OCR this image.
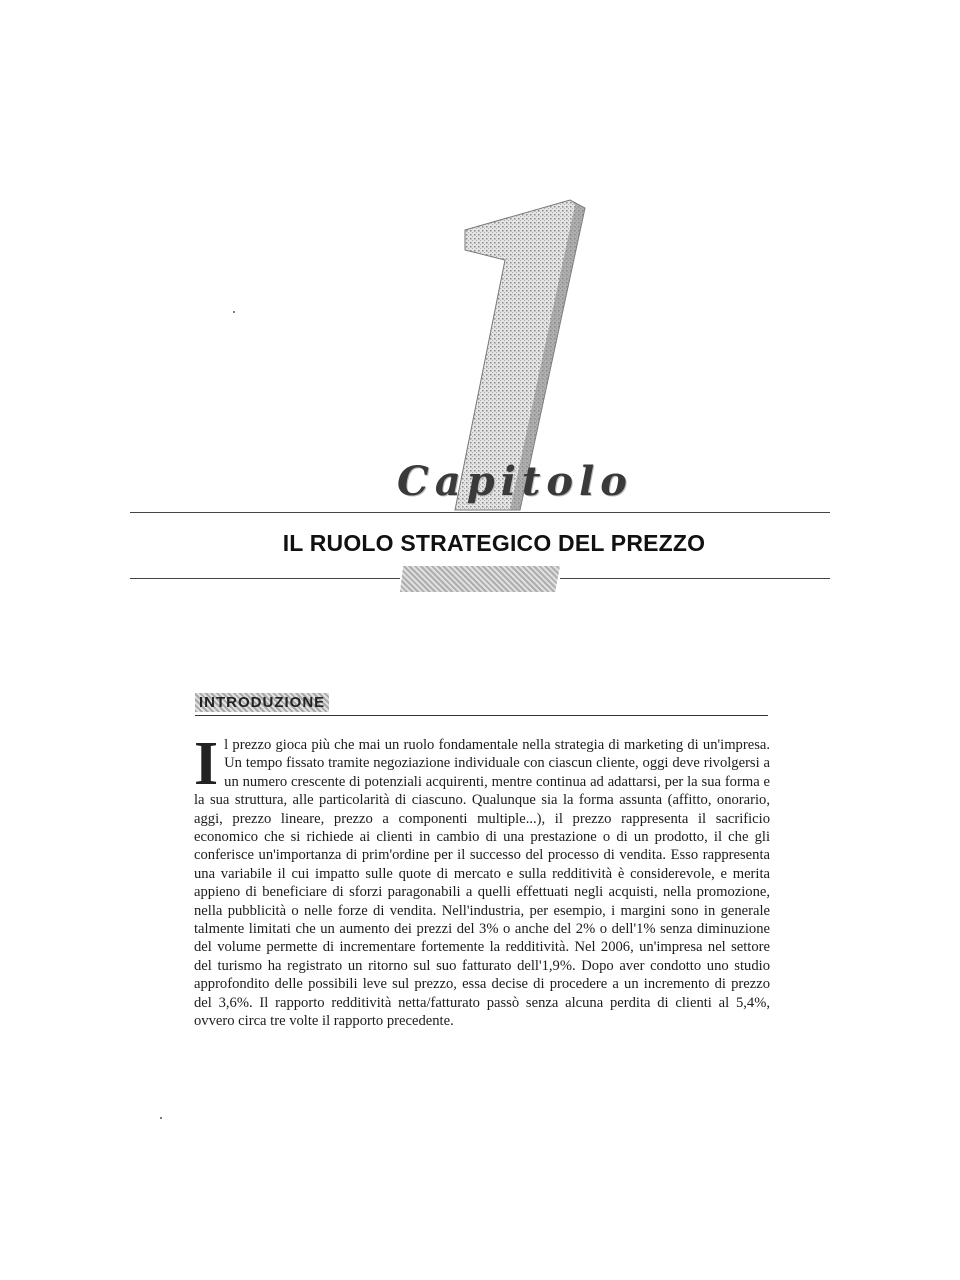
Capitolo
IL RUOLO STRATEGICO DEL PREZZO
INTRODUZIONE
Il prezzo gioca più che mai un ruolo fondamentale nella strategia di marketing di un'impresa. Un tempo fissato tramite negoziazione individuale con ciascun cliente, oggi deve rivolgersi a un numero crescente di potenziali acquirenti, mentre continua ad adattarsi, per la sua forma e la sua struttura, alle particolarità di ciascuno. Qualunque sia la forma assunta (affitto, onorario, aggi, prezzo lineare, prezzo a componenti multiple...), il prezzo rappresenta il sacrificio economico che si richiede ai clienti in cambio di una prestazione o di un prodotto, il che gli conferisce un'importanza di prim'ordine per il successo del processo di vendita. Esso rappresenta una variabile il cui impatto sulle quote di mercato e sulla redditività è considerevole, e merita appieno di beneficiare di sforzi paragonabili a quelli effettuati negli acquisti, nella promozione, nella pubblicità o nelle forze di vendita. Nell'industria, per esempio, i margini sono in generale talmente limitati che un aumento dei prezzi del 3% o anche del 2% o dell'1% senza diminuzione del volume permette di incrementare fortemente la redditività. Nel 2006, un'impresa nel settore del turismo ha registrato un ritorno sul suo fatturato dell'1,9%. Dopo aver condotto uno studio approfondito delle possibili leve sul prezzo, essa decise di procedere a un incremento di prezzo del 3,6%. Il rapporto redditività netta/fatturato passò senza alcuna perdita di clienti al 5,4%, ovvero circa tre volte il rapporto precedente.
